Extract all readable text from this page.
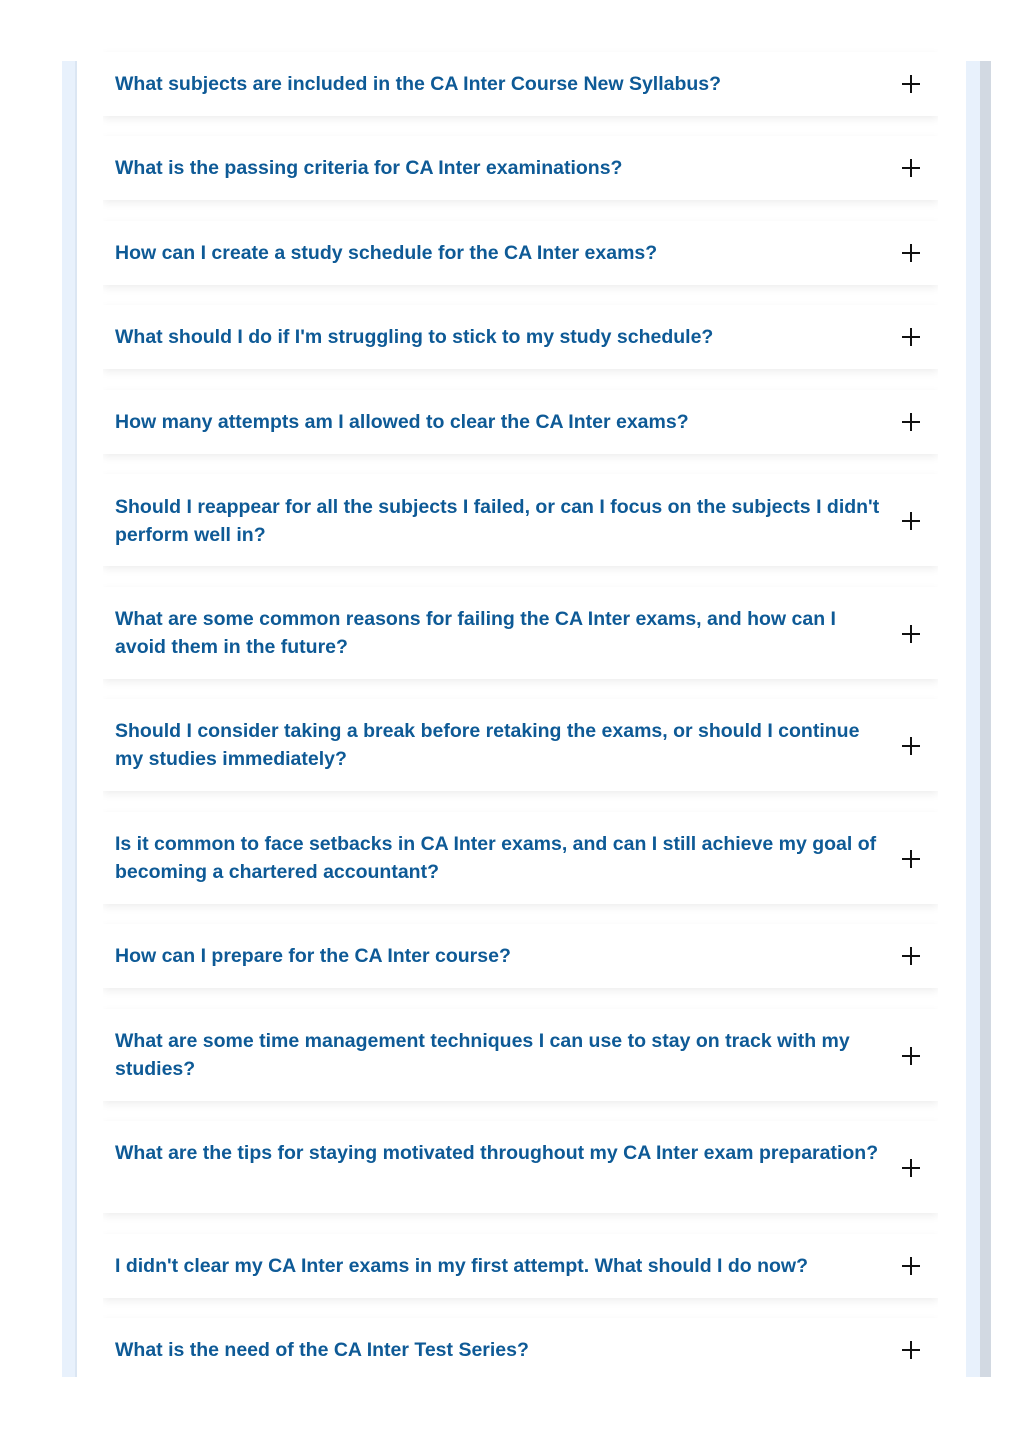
What subjects are included in the CA Inter Course New Syllabus?
What is the passing criteria for CA Inter examinations?
How can I create a study schedule for the CA Inter exams?
What should I do if I'm struggling to stick to my study schedule?
How many attempts am I allowed to clear the CA Inter exams?
Should I reappear for all the subjects I failed, or can I focus on the subjects I didn't perform well in?
What are some common reasons for failing the CA Inter exams, and how can I avoid them in the future?
Should I consider taking a break before retaking the exams, or should I continue my studies immediately?
Is it common to face setbacks in CA Inter exams, and can I still achieve my goal of becoming a chartered accountant?
How can I prepare for the CA Inter course?
What are some time management techniques I can use to stay on track with my studies?
What are the tips for staying motivated throughout my CA Inter exam preparation?
I didn't clear my CA Inter exams in my first attempt. What should I do now?
What is the need of the CA Inter Test Series?
